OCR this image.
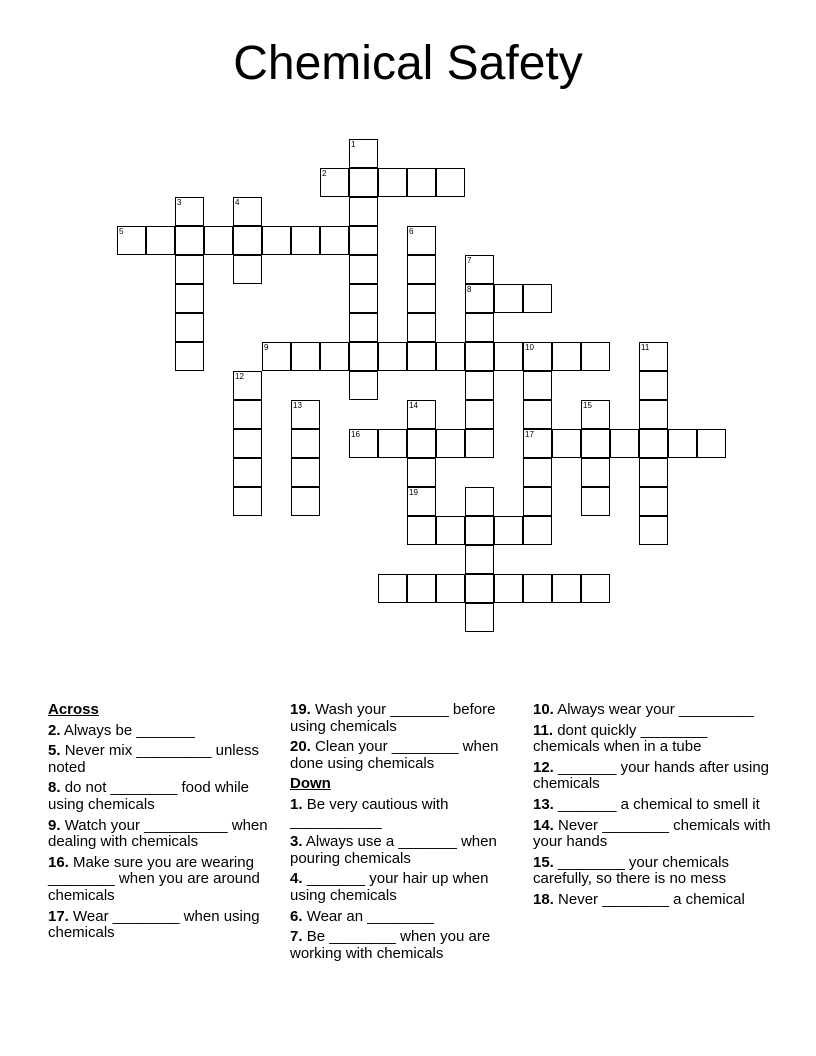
Chemical Safety
1
2
3	4
5	6
7
8
9	10	11
12
13	14	15
16	17
19
Across
2. Always be _______
5. Never mix _________ unless noted
8. do not ________ food while using chemicals
9. Watch your __________ when dealing with chemicals
16. Make sure you are wearing ________ when you are around chemicals
17. Wear ________ when using chemicals
19. Wash your _______ before using chemicals
20. Clean your ________ when done using chemicals
Down
1. Be very cautious with ___________
3. Always use a _______ when pouring chemicals
4. _______ your hair up when using chemicals
6. Wear an ________
7. Be ________ when you are working with chemicals
10. Always wear your _________
11. dont quickly ________ chemicals when in a tube
12. _______ your hands after using chemicals
13. _______ a chemical to smell it
14. Never ________ chemicals with your hands
15. ________ your chemicals carefully, so there is no mess
18. Never ________ a chemical
